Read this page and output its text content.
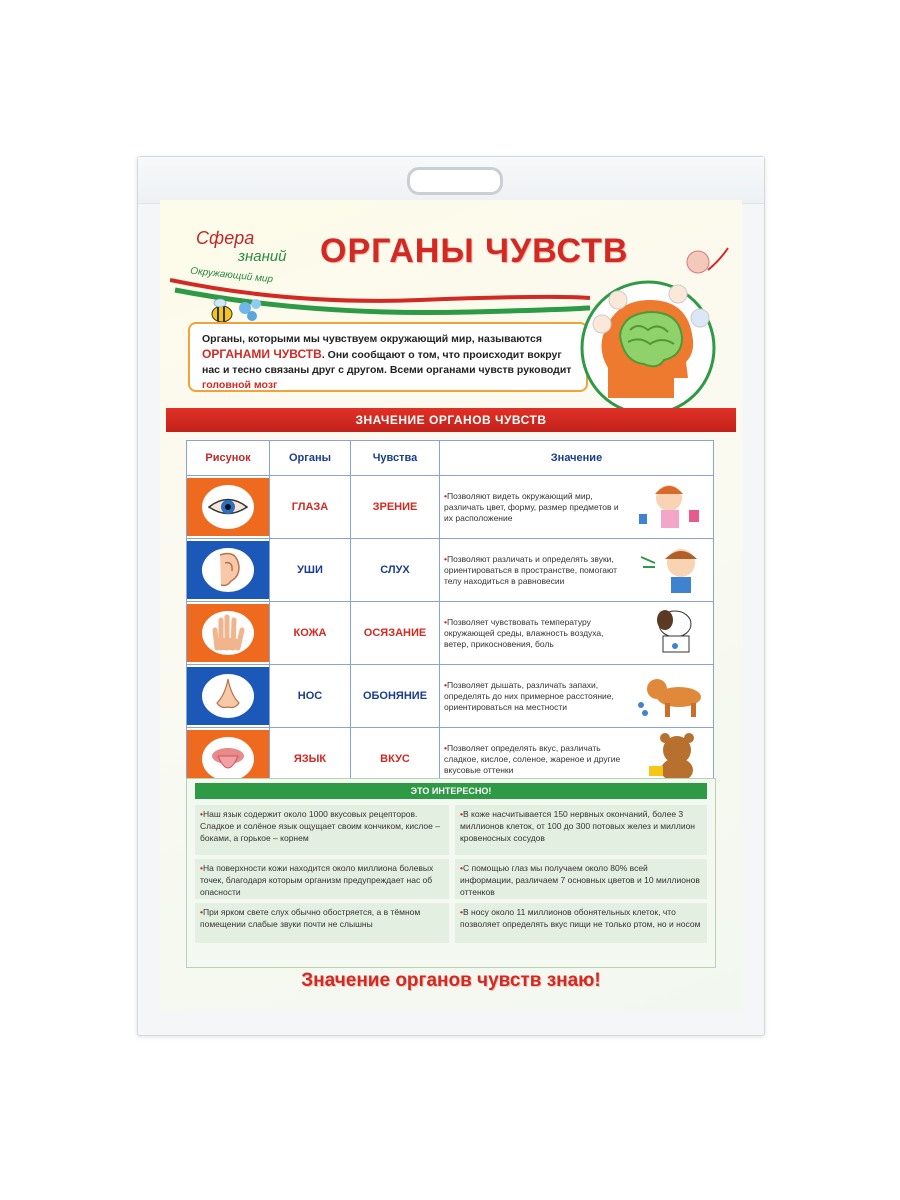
Сфера
знаний
Окружающий мир
ОРГАНЫ ЧУВСТВ
Органы, которыми мы чувствуем окружающий мир, называются ОРГАНАМИ ЧУВСТВ. Они сообщают о том, что происходит вокруг нас и тесно связаны друг с другом. Всеми органами чувств руководит головной мозг
ЗНАЧЕНИЕ ОРГАНОВ ЧУВСТВ
Рисунок	Органы	Чувства	Значение

	ГЛАЗА	ЗРЕНИЕ	• Позволяют видеть окружающий мир, различать цвет, форму, размер предметов и их расположение

	УШИ	СЛУХ	• Позволяют различать и определять звуки, ориентироваться в пространстве, помогают телу находиться в равновесии

	КОЖА	ОСЯЗАНИЕ	• Позволяет чувствовать температуру окружающей среды, влажность воздуха, ветер, прикосновения, боль

	НОС	ОБОНЯНИЕ	• Позволяет дышать, различать запахи, определять до них примерное расстояние, ориентироваться на местности

	ЯЗЫК	ВКУС	• Позволяет определять вкус, различать сладкое, кислое, соленое, жареное и другие вкусовые оттенки
ЭТО ИНТЕРЕСНО!
• Наш язык содержит около 1000 вкусовых рецепторов. Сладкое и солёное язык ощущает своим кончиком, кислое – боками, а горькое – корнем
• На поверхности кожи находится около миллиона болевых точек, благодаря которым организм предупреждает нас об опасности
• При ярком свете слух обычно обостряется, а в тёмном помещении слабые звуки почти не слышны
• В коже насчитывается 150 нервных окончаний, более 3 миллионов клеток, от 100 до 300 потовых желез и миллион кровеносных сосудов
• С помощью глаз мы получаем около 80% всей информации, различаем 7 основных цветов и 10 миллионов оттенков
• В носу около 11 миллионов обонятельных клеток, что позволяет определять вкус пищи не только ртом, но и носом
Значение органов чувств знаю!
